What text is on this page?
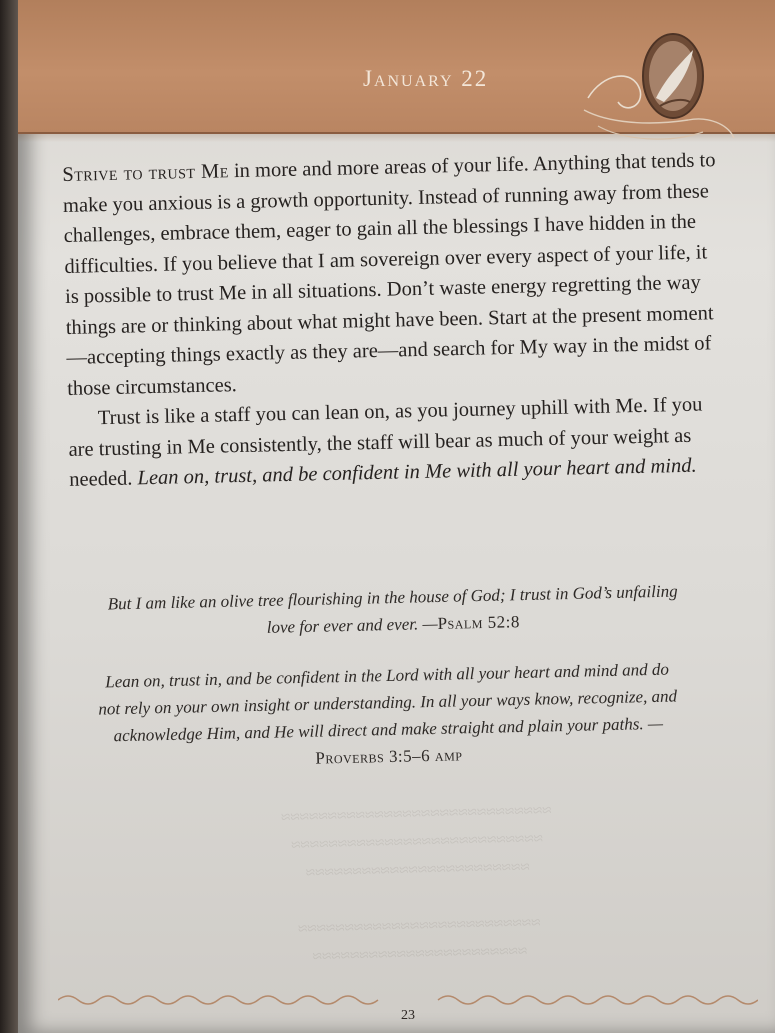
January 22

Strive to trust Me in more and more areas of your life. Anything that tends to make you anxious is a growth opportunity. Instead of running away from these challenges, embrace them, eager to gain all the blessings I have hidden in the difficulties. If you believe that I am sovereign over every aspect of your life, it is possible to trust Me in all situations. Don’t waste energy regretting the way things are or thinking about what might have been. Start at the present moment—accepting things exactly as they are—and search for My way in the midst of those circumstances.

Trust is like a staff you can lean on, as you journey uphill with Me. If you are trusting in Me consistently, the staff will bear as much of your weight as needed. Lean on, trust, and be confident in Me with all your heart and mind.

But I am like an olive tree flourishing in the house of God; I trust in God’s unfailing love for ever and ever. —Psalm 52:8
Lean on, trust in, and be confident in the Lord with all your heart and mind and do not rely on your own insight or understanding. In all your ways know, recognize, and acknowledge Him, and He will direct and make straight and plain your paths. —Proverbs 3:5–6 amp
≈≈≈≈≈≈≈≈≈≈≈≈≈≈≈≈≈≈≈≈≈≈≈≈≈≈≈≈≈
≈≈≈≈≈≈≈≈≈≈≈≈≈≈≈≈≈≈≈≈≈≈≈≈≈≈≈
≈≈≈≈≈≈≈≈≈≈≈≈≈≈≈≈≈≈≈≈≈≈≈≈

≈≈≈≈≈≈≈≈≈≈≈≈≈≈≈≈≈≈≈≈≈≈≈≈≈≈
≈≈≈≈≈≈≈≈≈≈≈≈≈≈≈≈≈≈≈≈≈≈≈
23
